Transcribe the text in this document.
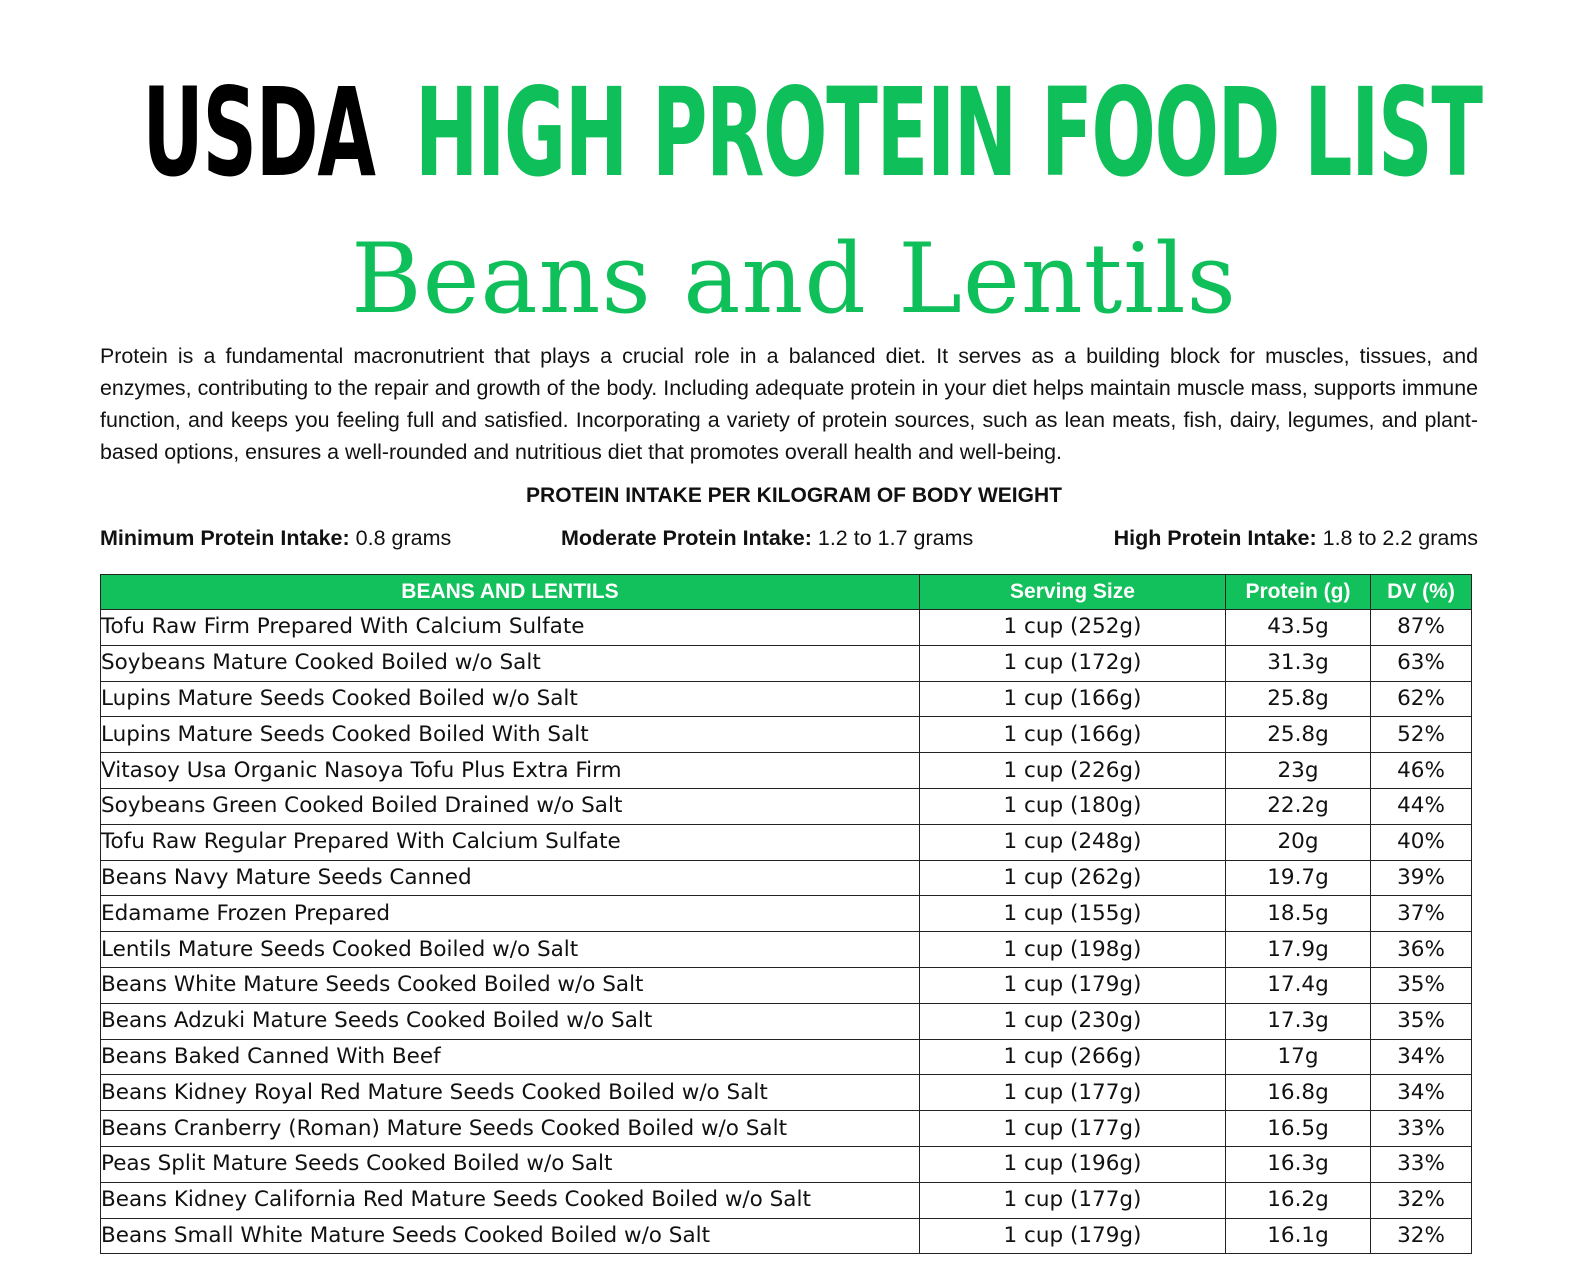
USDA HIGH PROTEIN FOOD LIST
Beans and Lentils
Protein is a fundamental macronutrient that plays a crucial role in a balanced diet. It serves as a building block for muscles, tissues, and enzymes, contributing to the repair and growth of the body. Including adequate protein in your diet helps maintain muscle mass, supports immune function, and keeps you feeling full and satisfied. Incorporating a variety of protein sources, such as lean meats, fish, dairy, legumes, and plant-based options, ensures a well-rounded and nutritious diet that promotes overall health and well-being.
PROTEIN INTAKE PER KILOGRAM OF BODY WEIGHT
Minimum Protein Intake: 0.8 grams	Moderate Protein Intake: 1.2 to 1.7 grams	High Protein Intake: 1.8 to 2.2 grams
BEANS AND LENTILS	Serving Size	Protein (g)	DV (%)
Tofu Raw Firm Prepared With Calcium Sulfate	1 cup (252g)	43.5g	87%
Soybeans Mature Cooked Boiled w/o Salt	1 cup (172g)	31.3g	63%
Lupins Mature Seeds Cooked Boiled w/o Salt	1 cup (166g)	25.8g	62%
Lupins Mature Seeds Cooked Boiled With Salt	1 cup (166g)	25.8g	52%
Vitasoy Usa Organic Nasoya Tofu Plus Extra Firm	1 cup (226g)	23g	46%
Soybeans Green Cooked Boiled Drained w/o Salt	1 cup (180g)	22.2g	44%
Tofu Raw Regular Prepared With Calcium Sulfate	1 cup (248g)	20g	40%
Beans Navy Mature Seeds Canned	1 cup (262g)	19.7g	39%
Edamame Frozen Prepared	1 cup (155g)	18.5g	37%
Lentils Mature Seeds Cooked Boiled w/o Salt	1 cup (198g)	17.9g	36%
Beans White Mature Seeds Cooked Boiled w/o Salt	1 cup (179g)	17.4g	35%
Beans Adzuki Mature Seeds Cooked Boiled w/o Salt	1 cup (230g)	17.3g	35%
Beans Baked Canned With Beef	1 cup (266g)	17g	34%
Beans Kidney Royal Red Mature Seeds Cooked Boiled w/o Salt	1 cup (177g)	16.8g	34%
Beans Cranberry (Roman) Mature Seeds Cooked Boiled w/o Salt	1 cup (177g)	16.5g	33%
Peas Split Mature Seeds Cooked Boiled w/o Salt	1 cup (196g)	16.3g	33%
Beans Kidney California Red Mature Seeds Cooked Boiled w/o Salt	1 cup (177g)	16.2g	32%
Beans Small White Mature Seeds Cooked Boiled w/o Salt	1 cup (179g)	16.1g	32%
